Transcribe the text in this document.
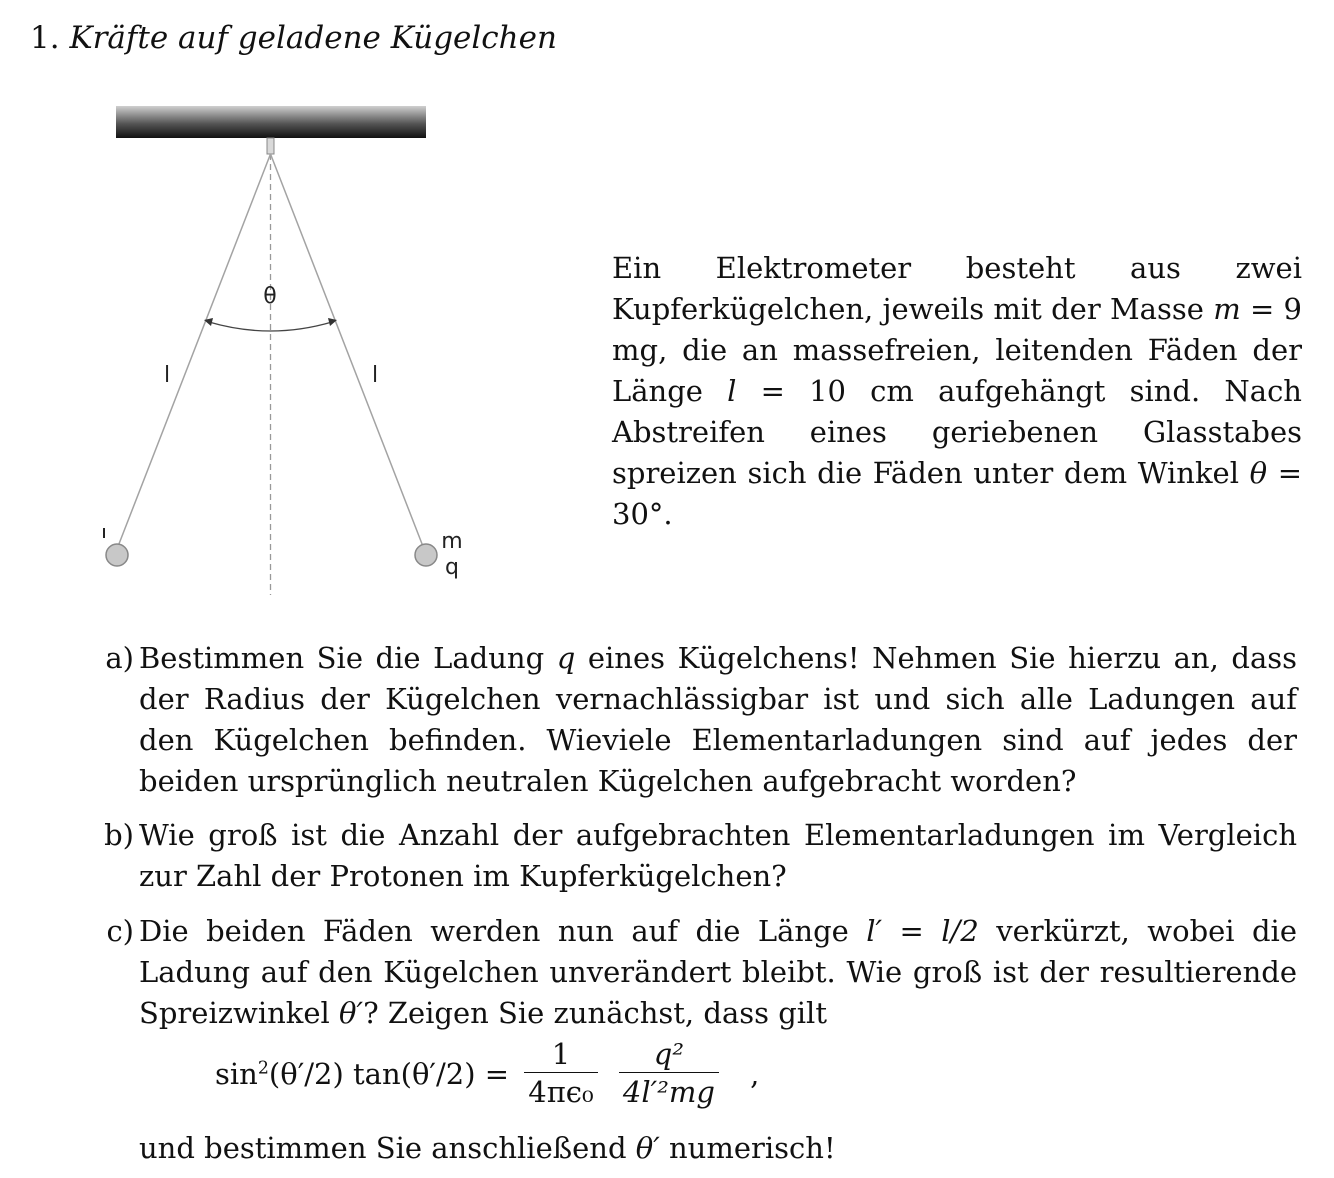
1. Kräfte auf geladene Kügelchen
θ
l	l
m
q
Ein Elektrometer besteht aus zwei Kupferkügelchen, jeweils mit der Masse m = 9 mg, die an massefreien, leitenden Fäden der Länge l = 10 cm aufgehängt sind. Nach Abstreifen eines geriebenen Glasstabes spreizen sich die Fäden unter dem Winkel θ = 30°.
a) Bestimmen Sie die Ladung q eines Kügelchens! Nehmen Sie hierzu an, dass der Radius der Kügelchen vernachlässigbar ist und sich alle Ladungen auf den Kügelchen befinden. Wieviele Elementarladungen sind auf jedes der beiden ursprünglich neutralen Kügelchen aufgebracht worden?
b) Wie groß ist die Anzahl der aufgebrachten Elementarladungen im Vergleich zur Zahl der Protonen im Kupferkügelchen?
c) Die beiden Fäden werden nun auf die Länge l′ = l/2 verkürzt, wobei die Ladung auf den Kügelchen unverändert bleibt. Wie groß ist der resultierende Spreizwinkel θ′? Zeigen Sie zunächst, dass gilt
$\sin^2(\theta'/2) \tan(\theta'/2) = \frac{1}{\text{4πϵ₀}}$
$\frac{\text{q²}}{\text{4l′²mg}}$ ,
und bestimmen Sie anschließend θ′ numerisch!
